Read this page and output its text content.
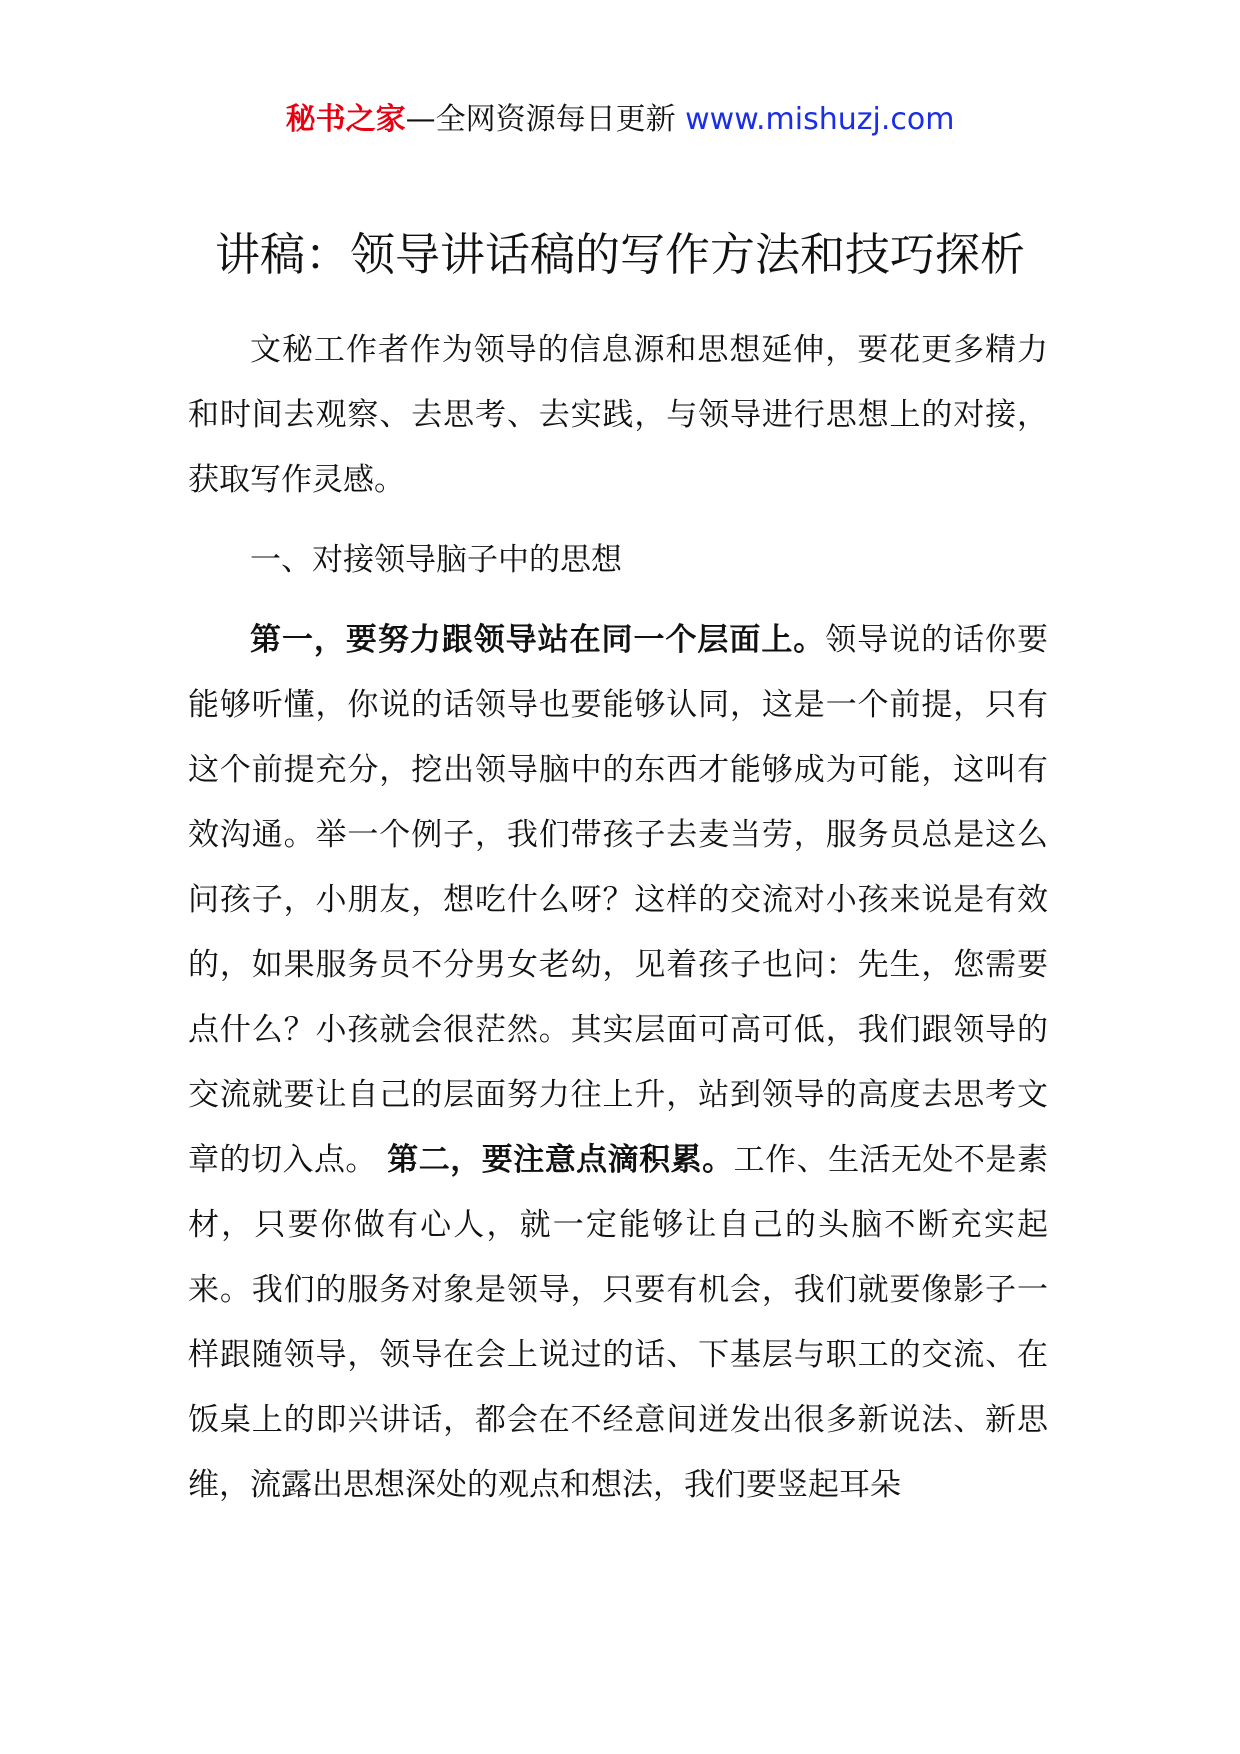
秘书之家—全网资源每日更新 www.mishuzj.com
讲稿：领导讲话稿的写作方法和技巧探析

文秘工作者作为领导的信息源和思想延伸，要花更多精力和时间去观察、去思考、去实践，与领导进行思想上的对接，获取写作灵感。

一、对接领导脑子中的思想

第一，要努力跟领导站在同一个层面上。领导说的话你要能够听懂，你说的话领导也要能够认同，这是一个前提，只有这个前提充分，挖出领导脑中的东西才能够成为可能，这叫有效沟通。举一个例子，我们带孩子去麦当劳，服务员总是这么问孩子，小朋友，想吃什么呀？这样的交流对小孩来说是有效的，如果服务员不分男女老幼，见着孩子也问：先生，您需要点什么？小孩就会很茫然。其实层面可高可低，我们跟领导的交流就要让自己的层面努力往上升，站到领导的高度去思考文章的切入点。 第二，要注意点滴积累。工作、生活无处不是素材，只要你做有心人，就一定能够让自己的头脑不断充实起来。我们的服务对象是领导，只要有机会，我们就要像影子一样跟随领导，领导在会上说过的话、下基层与职工的交流、在饭桌上的即兴讲话，都会在不经意间迸发出很多新说法、新思维，流露出思想深处的观点和想法，我们要竖起耳朵
